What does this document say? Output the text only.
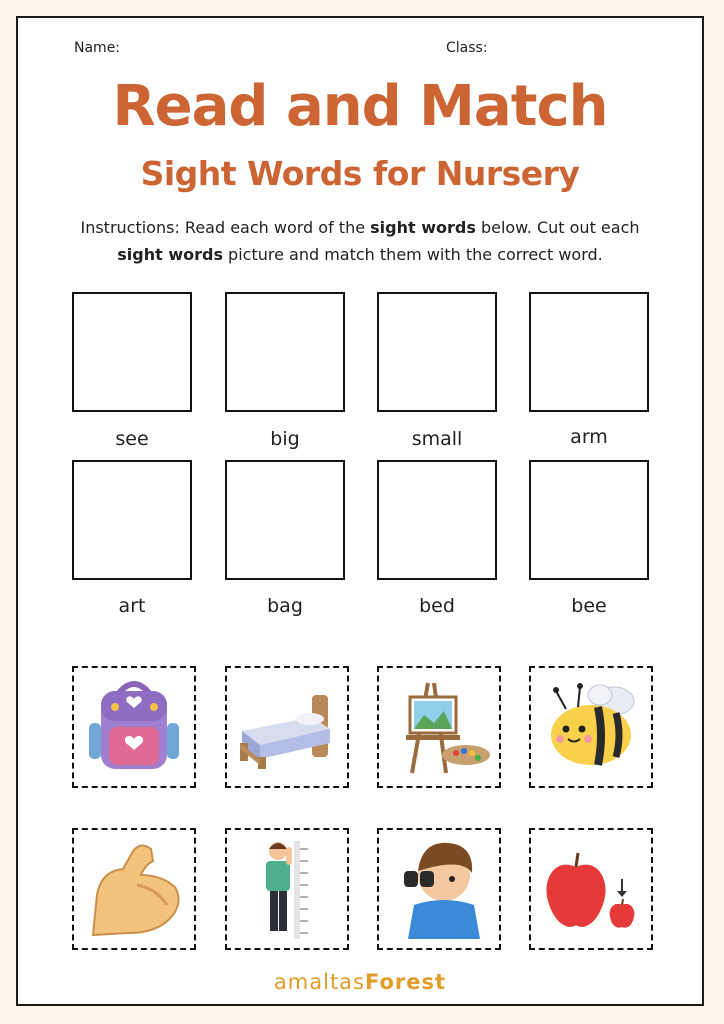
Name:	Class:
Read and Match
Sight Words for Nursery
Instructions: Read each word of the sight words below. Cut out each sight words picture and match them with the correct word.
see	big	small	arm
art	bag	bed	bee
amaltasForest
